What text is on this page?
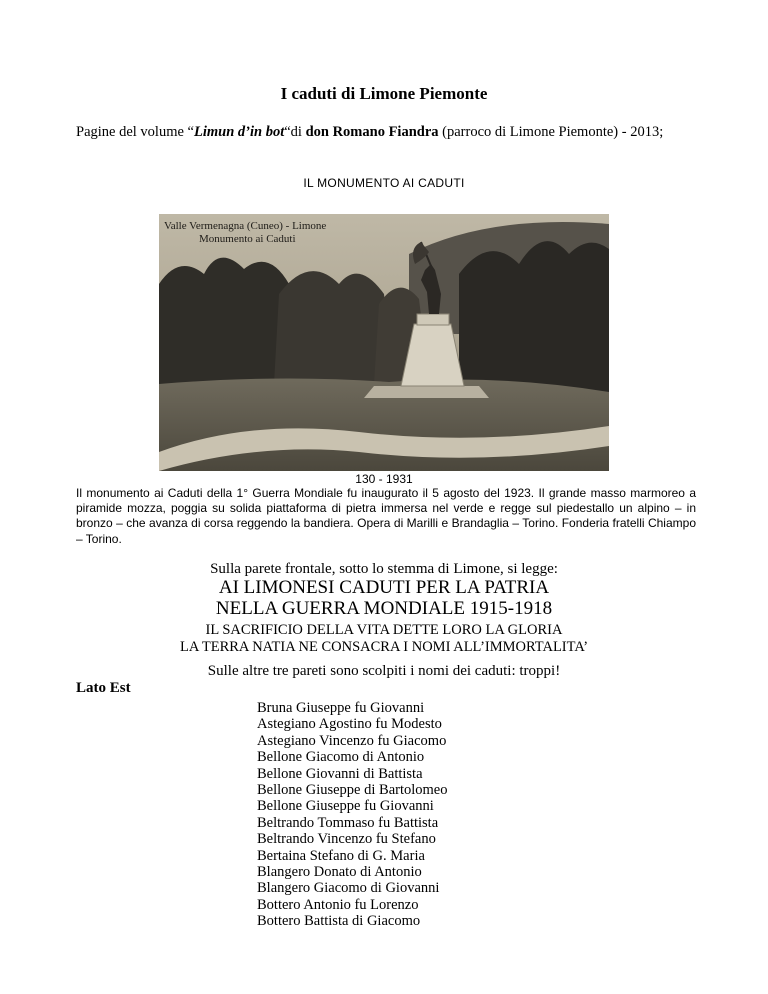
I caduti di Limone Piemonte
Pagine del volume “Limun d’in bot“di don Romano Fiandra (parroco di Limone Piemonte) - 2013;
IL MONUMENTO AI CADUTI
Valle Vermenagna (Cuneo) - Limone
Monumento ai Caduti
130 - 1931
Il monumento ai Caduti della 1° Guerra Mondiale fu inaugurato il 5 agosto del 1923. Il grande masso marmoreo a piramide mozza, poggia su solida piattaforma di pietra immersa nel verde e regge sul piedestallo un alpino – in bronzo – che avanza di corsa reggendo la bandiera. Opera di Marilli e Brandaglia – Torino. Fonderia fratelli Chiampo – Torino.
Sulla parete frontale, sotto lo stemma di Limone, si legge:
AI LIMONESI CADUTI PER LA PATRIA
NELLA GUERRA MONDIALE 1915-1918
IL SACRIFICIO DELLA VITA DETTE LORO LA GLORIA
LA TERRA NATIA NE CONSACRA I NOMI ALL’IMMORTALITA’
Sulle altre tre pareti sono scolpiti i nomi dei caduti: troppi!
Lato Est
Bruna Giuseppe fu Giovanni
Astegiano Agostino fu Modesto
Astegiano Vincenzo fu Giacomo
Bellone Giacomo di Antonio
Bellone Giovanni di Battista
Bellone Giuseppe di Bartolomeo
Bellone Giuseppe fu Giovanni
Beltrando Tommaso fu Battista
Beltrando Vincenzo fu Stefano
Bertaina Stefano di G. Maria
Blangero Donato di Antonio
Blangero Giacomo di Giovanni
Bottero Antonio fu Lorenzo
Bottero Battista di Giacomo
